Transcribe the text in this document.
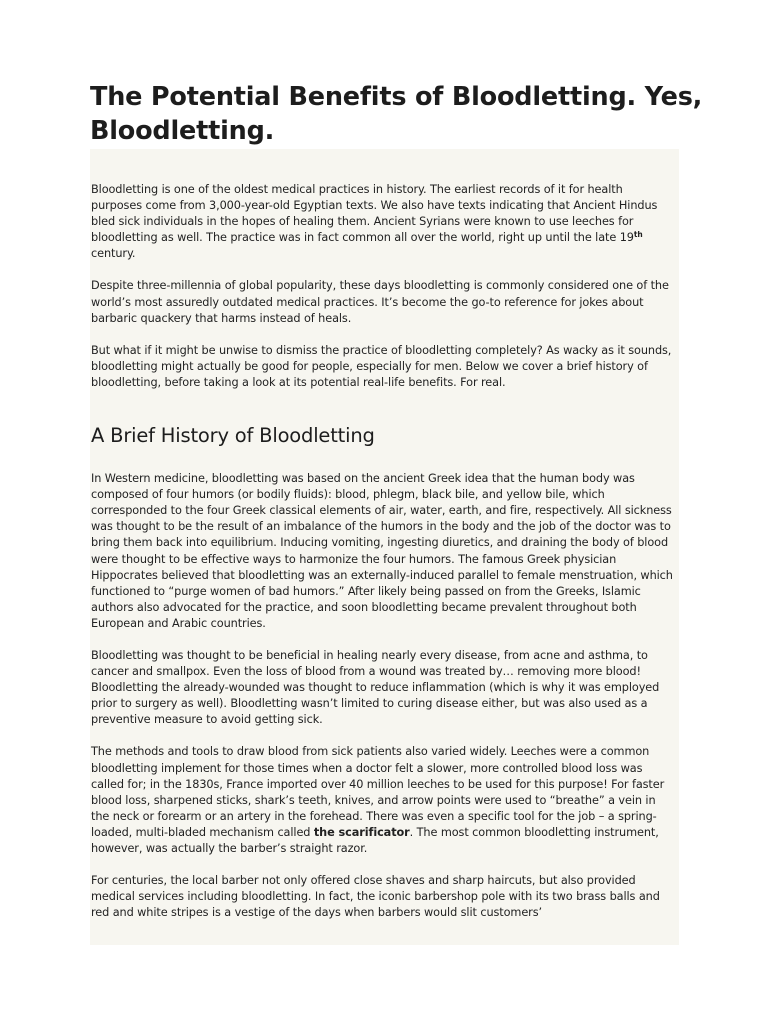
The Potential Benefits of Bloodletting. Yes, Bloodletting.

Bloodletting is one of the oldest medical practices in history. The earliest records of it for health purposes come from 3,000-year-old Egyptian texts. We also have texts indicating that Ancient Hindus bled sick individuals in the hopes of healing them. Ancient Syrians were known to use leeches for bloodletting as well. The practice was in fact common all over the world, right up until the late 19th century.

Despite three-millennia of global popularity, these days bloodletting is commonly considered one of the world’s most assuredly outdated medical practices. It’s become the go-to reference for jokes about barbaric quackery that harms instead of heals.

But what if it might be unwise to dismiss the practice of bloodletting completely? As wacky as it sounds, bloodletting might actually be good for people, especially for men. Below we cover a brief history of bloodletting, before taking a look at its potential real-life benefits. For real.

A Brief History of Bloodletting

In Western medicine, bloodletting was based on the ancient Greek idea that the human body was composed of four humors (or bodily fluids): blood, phlegm, black bile, and yellow bile, which corresponded to the four Greek classical elements of air, water, earth, and fire, respectively. All sickness was thought to be the result of an imbalance of the humors in the body and the job of the doctor was to bring them back into equilibrium. Inducing vomiting, ingesting diuretics, and draining the body of blood were thought to be effective ways to harmonize the four humors. The famous Greek physician Hippocrates believed that bloodletting was an externally-induced parallel to female menstruation, which functioned to “purge women of bad humors.” After likely being passed on from the Greeks, Islamic authors also advocated for the practice, and soon bloodletting became prevalent throughout both European and Arabic countries.

Bloodletting was thought to be beneficial in healing nearly every disease, from acne and asthma, to cancer and smallpox. Even the loss of blood from a wound was treated by… removing more blood! Bloodletting the already-wounded was thought to reduce inflammation (which is why it was employed prior to surgery as well). Bloodletting wasn’t limited to curing disease either, but was also used as a preventive measure to avoid getting sick.

The methods and tools to draw blood from sick patients also varied widely. Leeches were a common bloodletting implement for those times when a doctor felt a slower, more controlled blood loss was called for; in the 1830s, France imported over 40 million leeches to be used for this purpose! For faster blood loss, sharpened sticks, shark’s teeth, knives, and arrow points were used to “breathe” a vein in the neck or forearm or an artery in the forehead. There was even a specific tool for the job – a spring-loaded, multi-bladed mechanism called the scarificator. The most common bloodletting instrument, however, was actually the barber’s straight razor.

For centuries, the local barber not only offered close shaves and sharp haircuts, but also provided medical services including bloodletting. In fact, the iconic barbershop pole with its two brass balls and red and white stripes is a vestige of the days when barbers would slit customers’
